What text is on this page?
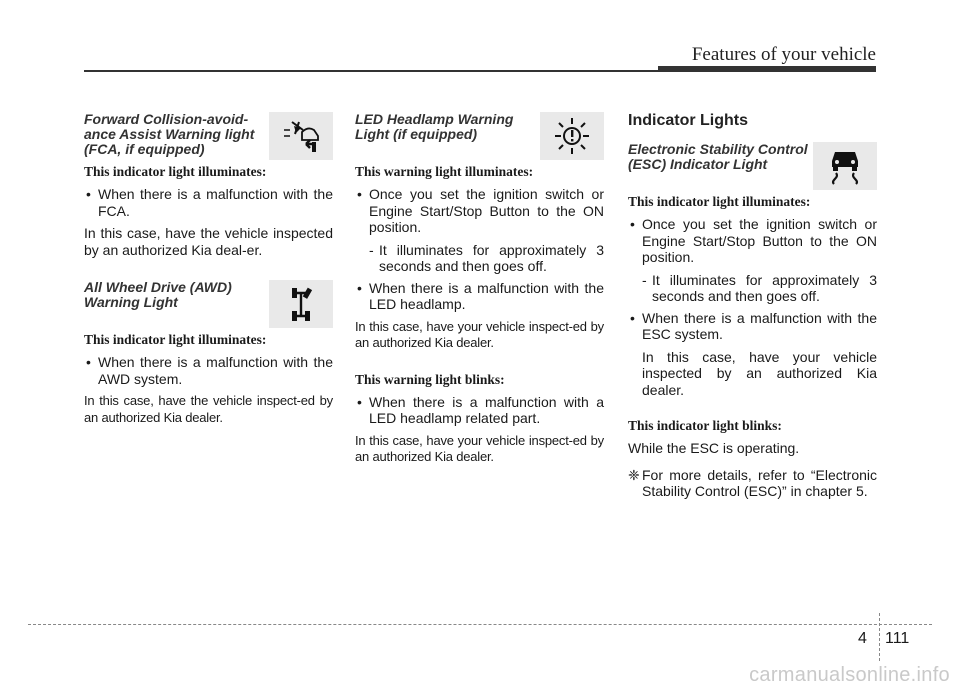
Features of your vehicle
Forward Collision-avoid-ance Assist Warning light (FCA, if equipped)
This indicator light illuminates:
• When there is a malfunction with the FCA.

In this case, have the vehicle inspected by an authorized Kia deal-er.

All Wheel Drive (AWD) Warning Light
This indicator light illuminates:
• When there is a malfunction with the AWD system.

In this case, have the vehicle inspect-ed by an authorized Kia dealer.

LED Headlamp Warning Light (if equipped)
This warning light illuminates:
• Once you set the ignition switch or Engine Start/Stop Button to the ON position.
- It illuminates for approximately 3 seconds and then goes off.
• When there is a malfunction with the LED headlamp.

In this case, have your vehicle inspect-ed by an authorized Kia dealer.

This warning light blinks:
• When there is a malfunction with a LED headlamp related part.

In this case, have your vehicle inspect-ed by an authorized Kia dealer.

Indicator Lights
Electronic Stability Control (ESC) Indicator Light
This indicator light illuminates:
• Once you set the ignition switch or Engine Start/Stop Button to the ON position.
- It illuminates for approximately 3 seconds and then goes off.
• When there is a malfunction with the ESC system.
In this case, have your vehicle inspected by an authorized Kia dealer.
This indicator light blinks:

While the ESC is operating.

❈ For more details, refer to “Electronic Stability Control (ESC)” in chapter 5.
4 111
carmanualsonline.info
